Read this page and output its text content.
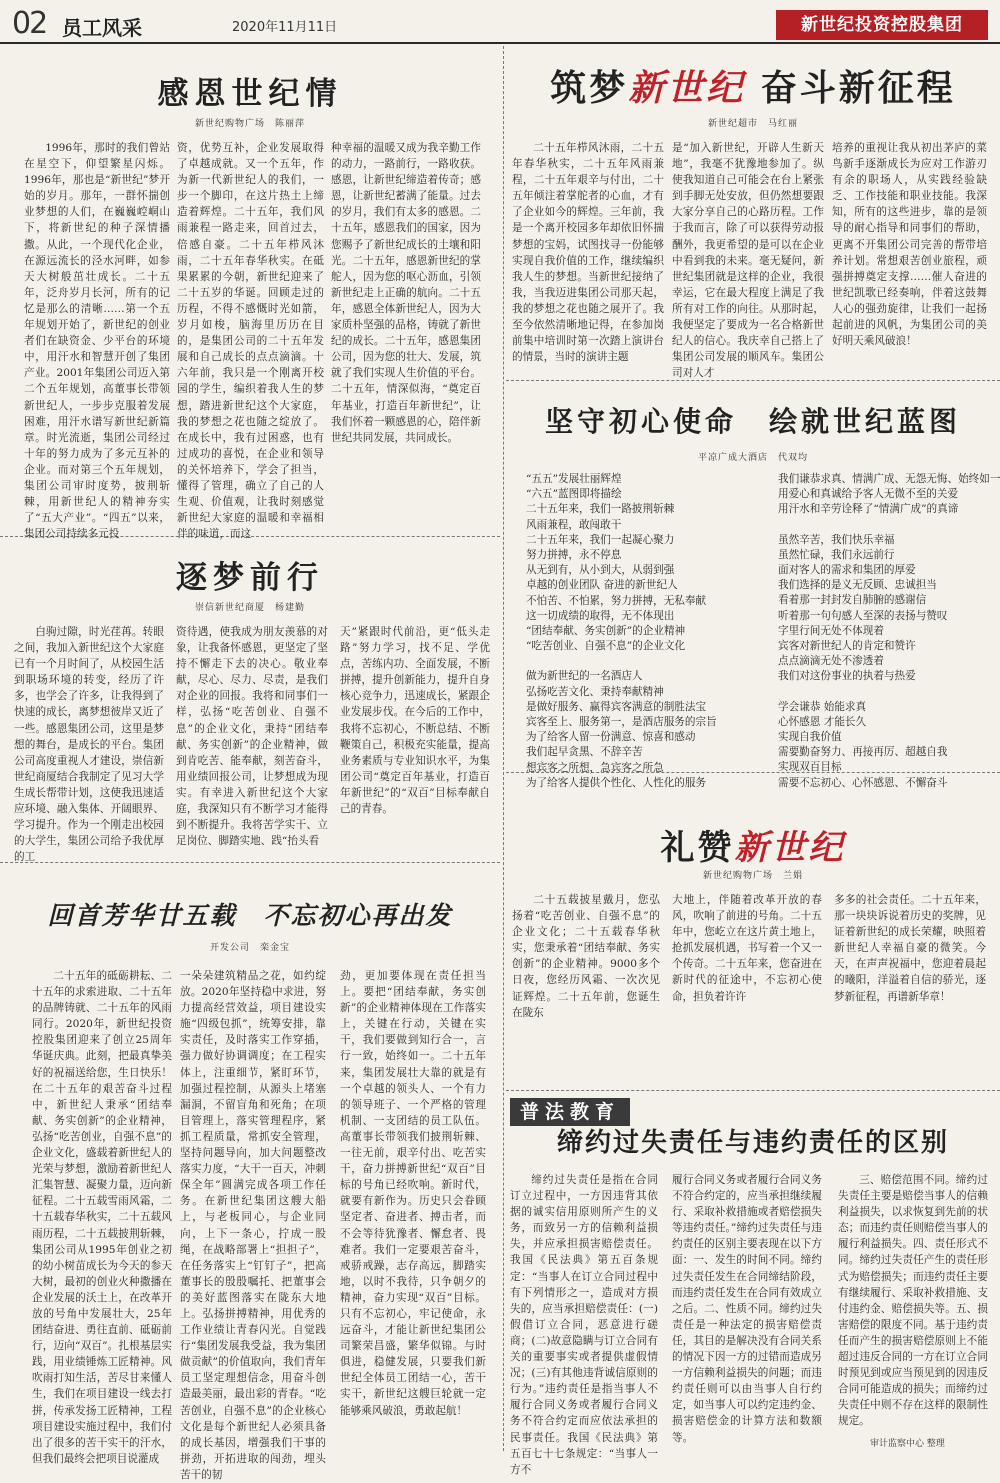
02 员工风采	2020年11月11日	新世纪投资控股集团
感恩世纪情
新世纪购物广场　陈丽萍

1996年，那时的我们曾站在星空下，仰望繁星闪烁。1996年，那也是“新世纪”梦开始的岁月。那年，一群怀揣创业梦想的人们，在巍巍崆峒山下，将新世纪的种子深情播撒。从此，一个现代化企业，在源远流长的泾水河畔，如参天大树般茁壮成长。二十五年，泛舟岁月长河，所有的记忆是那么的清晰……第一个五年规划开始了，新世纪的创业者们在缺资金、少平台的环境中，用汗水和智慧开创了集团产业。2001年集团公司迈入第二个五年规划，高董事长带领新世纪人，一步步克服着发展困难，用汗水谱写新世纪新篇章。时光流逝，集团公司经过十年的努力成为了多元互补的企业。而对第三个五年规划，集团公司审时度势，披荆斩棘，用新世纪人的精神夯实了“五大产业”。“四五”以来，集团公司持续多元投

资，优势互补，企业发展取得了卓越成就。又一个五年，作为新一代新世纪人的我们，一步一个脚印，在这片热土上缔造着辉煌。二十五年，我们风雨兼程一路走来，回首过去，倍感自豪。二十五年栉风沐雨，二十五年春华秋实。在砥果累累的今朝，新世纪迎来了二十五岁的华诞。回顾走过的历程，不得不感慨时光如箭，岁月如梭，脑海里历历在目的，是集团公司的二十五年发展和自己成长的点点滴滴。十六年前，我只是一个刚离开校园的学生，编织着我人生的梦想，踏进新世纪这个大家庭，我的梦想之花也随之绽放了。在成长中，我有过困惑，也有过成功的喜悦，在企业和领导的关怀培养下，学会了担当，懂得了管理，确立了自己的人生观、价值观，让我时刻感觉新世纪大家庭的温暖和幸福相伴的味道，而这

种幸福的温暖又成为我辛勤工作的动力，一路前行，一路收获。感恩，让新世纪缔造着传奇；感恩，让新世纪蓄满了能量。过去的岁月，我们有太多的感恩。二十五年，感恩我们的国家，因为您赐予了新世纪成长的土壤和阳光。二十五年，感恩新世纪的掌舵人，因为您的呕心沥血，引领新世纪走上正确的航向。二十五年，感恩全体新世纪人，因为大家质朴坚强的品格，铸就了新世纪的成长。二十五年，感恩集团公司，因为您的壮大、发展，筑就了我们实现人生价值的平台。二十五年，情深似海，“奠定百年基业，打造百年新世纪”，让我们怀着一颗感恩的心，陪伴新世纪共同发展，共同成长。

筑梦新世纪 奋斗新征程
新世纪超市　马红丽

二十五年栉风沐雨，二十五年春华秋实，二十五年风雨兼程，二十五年艰辛与付出，二十五年倾注着掌舵者的心血，才有了企业如今的辉煌。三年前，我是一个离开校园多年却依旧怀揣梦想的宝妈，试图找寻一份能够实现自我价值的工作，继续编织我人生的梦想。当新世纪接纳了我，当我迈进集团公司那天起，我的梦想之花也随之展开了。我至今依然清晰地记得，在参加岗前集中培训时第一次踏上演讲台的情景，当时的演讲主题

是“加入新世纪，开辟人生新天地”，我毫不犹豫地参加了。纵使我知道自己可能会在台上紧张到手脚无处安放，但仍然想要跟大家分享自己的心路历程。工作于我而言，除了可以获得劳动报酬外，我更希望的是可以在企业中看到我的未来。毫无疑问，新世纪集团就是这样的企业，我很幸运，它在最大程度上满足了我所有对工作的向往。从那时起，我便坚定了要成为一名合格新世纪人的信心。我庆幸自己搭上了集团公司发展的顺风车。集团公司对人才

培养的重视让我从初出茅庐的菜鸟新手逐渐成长为应对工作游刃有余的职场人，从实践经验缺乏、工作技能和职业技能。我深知，所有的这些进步，靠的是领导的耐心指导和同事们的帮助，更离不开集团公司完善的帮带培养计划。常想艰苦创业旅程，顽强拼搏奠定支撑……催人奋进的世纪凯歌已经奏响，伴着这鼓舞人心的强劲旋律，让我们一起扬起前进的风帆，为集团公司的美好明天乘风破浪！

坚守初心使命　绘就世纪蓝图
平凉广成大酒店　代双均
“五五”发展壮丽辉煌
“六五”蓝图即将描绘
二十五年来，我们一路披荆斩棘
风雨兼程，敢闯敢干
二十五年来，我们一起凝心聚力
努力拼搏，永不停息
从无到有，从小到大，从弱到强
卓越的创业团队 奋进的新世纪人
不怕苦、不怕累，努力拼搏，无私奉献
这一切成绩的取得，无不体现出
“团结奉献、务实创新”的企业精神
“吃苦创业、自强不息”的企业文化
做为新世纪的一名酒店人
弘扬吃苦文化、秉持奉献精神
是做好服务、赢得宾客满意的制胜法宝
宾客至上、服务第一，是酒店服务的宗旨
为了给客人留一份满意、惊喜和感动
我们起早贪黑、不辞辛苦
想宾客之所想，急宾客之所急
为了给客人提供个性化、人性化的服务
我们谦恭求真、情满广成、无怨无悔、始终如一
用爱心和真诚给予客人无微不至的关爱
用汗水和辛劳诠释了“情满广成”的真谛
虽然辛苦，我们快乐幸福
虽然忙碌，我们永远前行
面对客人的需求和集团的厚爱
我们选择的是义无反顾、忠诚担当
看着那一封封发自肺腑的感谢信
听着那一句句感人至深的表扬与赞叹
字里行间无处不体现着
宾客对新世纪人的肯定和赞许
点点滴滴无处不渗透着
我们对这份事业的执着与热爱
学会谦恭 始能求真
心怀感恩 才能长久
实现自我价值
需要勤奋努力、再接再厉、超越自我
实现双百目标
需要不忘初心、心怀感恩、不懈奋斗
逐梦前行
崇信新世纪商厦　杨建勤

白驹过隙，时光荏苒。转眼之间，我加入新世纪这个大家庭已有一个月时间了，从校园生活到职场环境的转变，经历了许多，也学会了许多，让我得到了快速的成长，离梦想彼岸又近了一些。感恩集团公司，这里是梦想的舞台，是成长的平台。集团公司高度重视人才建设，崇信新世纪商厦结合我制定了见习大学生成长帮带计划，这使我迅速适应环境、融入集体、开阔眼界、学习提升。作为一个刚走出校园的大学生，集团公司给予我优厚的工

资待遇，使我成为朋友羡慕的对象，让我备怀感恩，更坚定了坚持不懈走下去的决心。敬业奉献，尽心、尽力、尽责，是我们对企业的回报。我将和同事们一样，弘扬“吃苦创业、自强不息”的企业文化，秉持“团结奉献、务实创新”的企业精神，做到肯吃苦、能奉献，刻苦奋斗，用业绩回报公司，让梦想成为现实。有幸进入新世纪这个大家庭，我深知只有不断学习才能得到不断提升。我将苦学实干、立足岗位、脚踏实地、践“抬头看

天”紧跟时代前沿，更“低头走路”努力学习，找不足、学优点，苦练内功、全面发展，不断拼搏，提升创新能力，提升自身核心竞争力，迅速成长，紧跟企业发展步伐。在今后的工作中，我将不忘初心，不断总结、不断鞭策自己，积极充实能量，提高业务素质与专业知识水平，为集团公司“奠定百年基业，打造百年新世纪”的“双百”目标奉献自己的青春。

回首芳华廿五载　不忘初心再出发
开发公司　栾金宝

二十五年的砥砺耕耘、二十五年的求索进取、二十五年的品牌铸就、二十五年的风雨同行。2020年，新世纪投资控股集团迎来了创立25周年华诞庆典。此刻，把最真挚美好的祝福送给您，生日快乐！在二十五年的艰苦奋斗过程中，新世纪人秉承“团结奉献、务实创新”的企业精神，弘扬“吃苦创业，自强不息”的企业文化，盛载着新世纪人的光荣与梦想，激励着新世纪人汇集智慧、凝聚力量，迈向新征程。二十五载雪雨风霜，二十五载春华秋实，二十五载风雨历程，二十五载披荆斩棘，集团公司从1995年创业之初的幼小树苗成长为今天的参天大树，最初的创业火种撒播在企业发展的沃土上，在改革开放的号角中发展壮大，25年团结奋进、勇往直前、砥砺前行，迈向“双百”。扎根基层实践，用业绩锤炼工匠精神。风吹雨打知生活，苦尽甘来懂人生，我们在项目建设一线去打拼，传承发扬工匠精神，工程项目建设实施过程中，我们付出了很多的苦干实干的汗水，但我们最终会把项目说灌成

一朵朵建筑精品之花，如约绽放。2020年坚持稳中求进，努力提高经营效益，项目建设实施“四级包抓”，统筹安排，靠实责任，及时落实工作穿插，强力做好协调调度；在工程实体上，注重细节，紧盯环节，加强过程控制，从源头上堵塞漏洞，不留盲角和死角；在项目管理上，落实管理程序，紧抓工程质量，常抓安全管理，坚持问题导向，加大问题整改落实力度，“大干一百天，冲刺保全年”圆满完成各项工作任务。在新世纪集团这艘大船上，与老板同心，与企业同向，上下一条心，拧成一股绳，在战略部署上“担担子”，在任务落实上“钉钉子”，把高董事长的殷殷嘱托、把董事会的美好蓝图落实在陇东大地上。弘扬拼搏精神，用优秀的工作业绩让青春闪光。自觉践行“集团发展我受益，我为集团做贡献”的价值取向，我们青年员工坚定理想信念，用奋斗创造最美丽，最出彩的青春。“吃苦创业，自强不息”的企业核心文化是每个新世纪人必须具备的成长基因，增强我们干事的拼劲，开拓进取的闯劲，埋头苦干的韧

劲，更加要体现在责任担当上。要把“团结奉献，务实创新”的企业精神体现在工作落实上，关键在行动，关键在实干，我们要做到知行合一，言行一致，始终如一。二十五年来，集团发展壮大靠的就是有一个卓越的领头人、一个有力的领导班子、一个严格的管理机制、一支团结的员工队伍。高董事长带领我们披荆斩棘、一往无前，艰辛付出、吃苦实干，奋力拼搏新世纪“双百”目标的号角已经吹响。新时代，就要有新作为。历史只会眷顾坚定者、奋进者、搏击者，而不会等待犹豫者、懈怠者、畏难者。我们一定要艰苦奋斗，戒骄戒躁，志存高远，脚踏实地，以时不我待，只争朝夕的精神，奋力实现“双百”目标。只有不忘初心，牢记使命，永远奋斗，才能让新世纪集团公司繁荣昌盛，繁华似锦。与时俱进，稳健发展，只要我们新世纪全体员工团结一心，苦干实干，新世纪这艘巨轮就一定能够乘风破浪，勇敢起航！

礼赞新世纪
新世纪购物广场　兰娟

二十五载披星戴月，您弘扬着“吃苦创业、自强不息”的企业文化；二十五载春华秋实，您秉承着“团结奉献、务实创新”的企业精神。9000多个日夜，您经历风霜、一次次见证辉煌。二十五年前，您诞生在陇东

大地上，伴随着改革开放的春风，吹响了前进的号角。二十五年中，您屹立在这片黄土地上，抢抓发展机遇，书写着一个又一个传奇。二十五年来，您奋进在新时代的征途中，不忘初心使命，担负着许许

多多的社会责任。二十五年来，那一块块诉说着历史的奖牌，见证着新世纪的成长荣耀，映照着新世纪人幸福自豪的微笑。今天，在声声祝福中，您迎着晨起的曦阳，洋溢着自信的骄光，逐梦新征程，再谱新华章！

普法教育
缔约过失责任与违约责任的区别

缔约过失责任是指在合同订立过程中，一方因违背其依据的诚实信用原则所产生的义务，而致另一方的信赖利益损失，并应承担损害赔偿责任。我国《民法典》第五百条规定：“当事人在订立合同过程中有下列情形之一，造成对方损失的，应当承担赔偿责任：(一)假借订立合同，恶意进行磋商；(二)故意隐瞒与订立合同有关的重要事实或者提供虚假情况；(三)有其他违背诚信原则的行为。”违约责任是指当事人不履行合同义务或者履行合同义务不符合约定而应依法承担的民事责任。我国《民法典》第五百七十七条规定：“当事人一方不

履行合同义务或者履行合同义务不符合约定的，应当承担继续履行、采取补救措施或者赔偿损失等违约责任。”缔约过失责任与违约责任的区别主要表现在以下方面：一、发生的时间不同。缔约过失责任发生在合同缔结阶段，而违约责任发生在合同有效成立之后。二、性质不同。缔约过失责任是一种法定的损害赔偿责任，其目的是解决没有合同关系的情况下因一方的过错而造成另一方信赖利益损失的问题；而违约责任则可以由当事人自行约定，如当事人可以约定违约金、损害赔偿金的计算方法和数额等。

三、赔偿范围不同。缔约过失责任主要是赔偿当事人的信赖利益损失，以求恢复到先前的状态；而违约责任则赔偿当事人的履行利益损失。四、责任形式不同。缔约过失责任产生的责任形式为赔偿损失；而违约责任主要有继续履行、采取补救措施、支付违约金、赔偿损失等。五、损害赔偿的限度不同。基于违约责任而产生的损害赔偿原则上不能超过违反合同的一方在订立合同时预见到或应当预见到的因违反合同可能造成的损失；而缔约过失责任中则不存在这样的限制性规定。

审计监察中心 整理
